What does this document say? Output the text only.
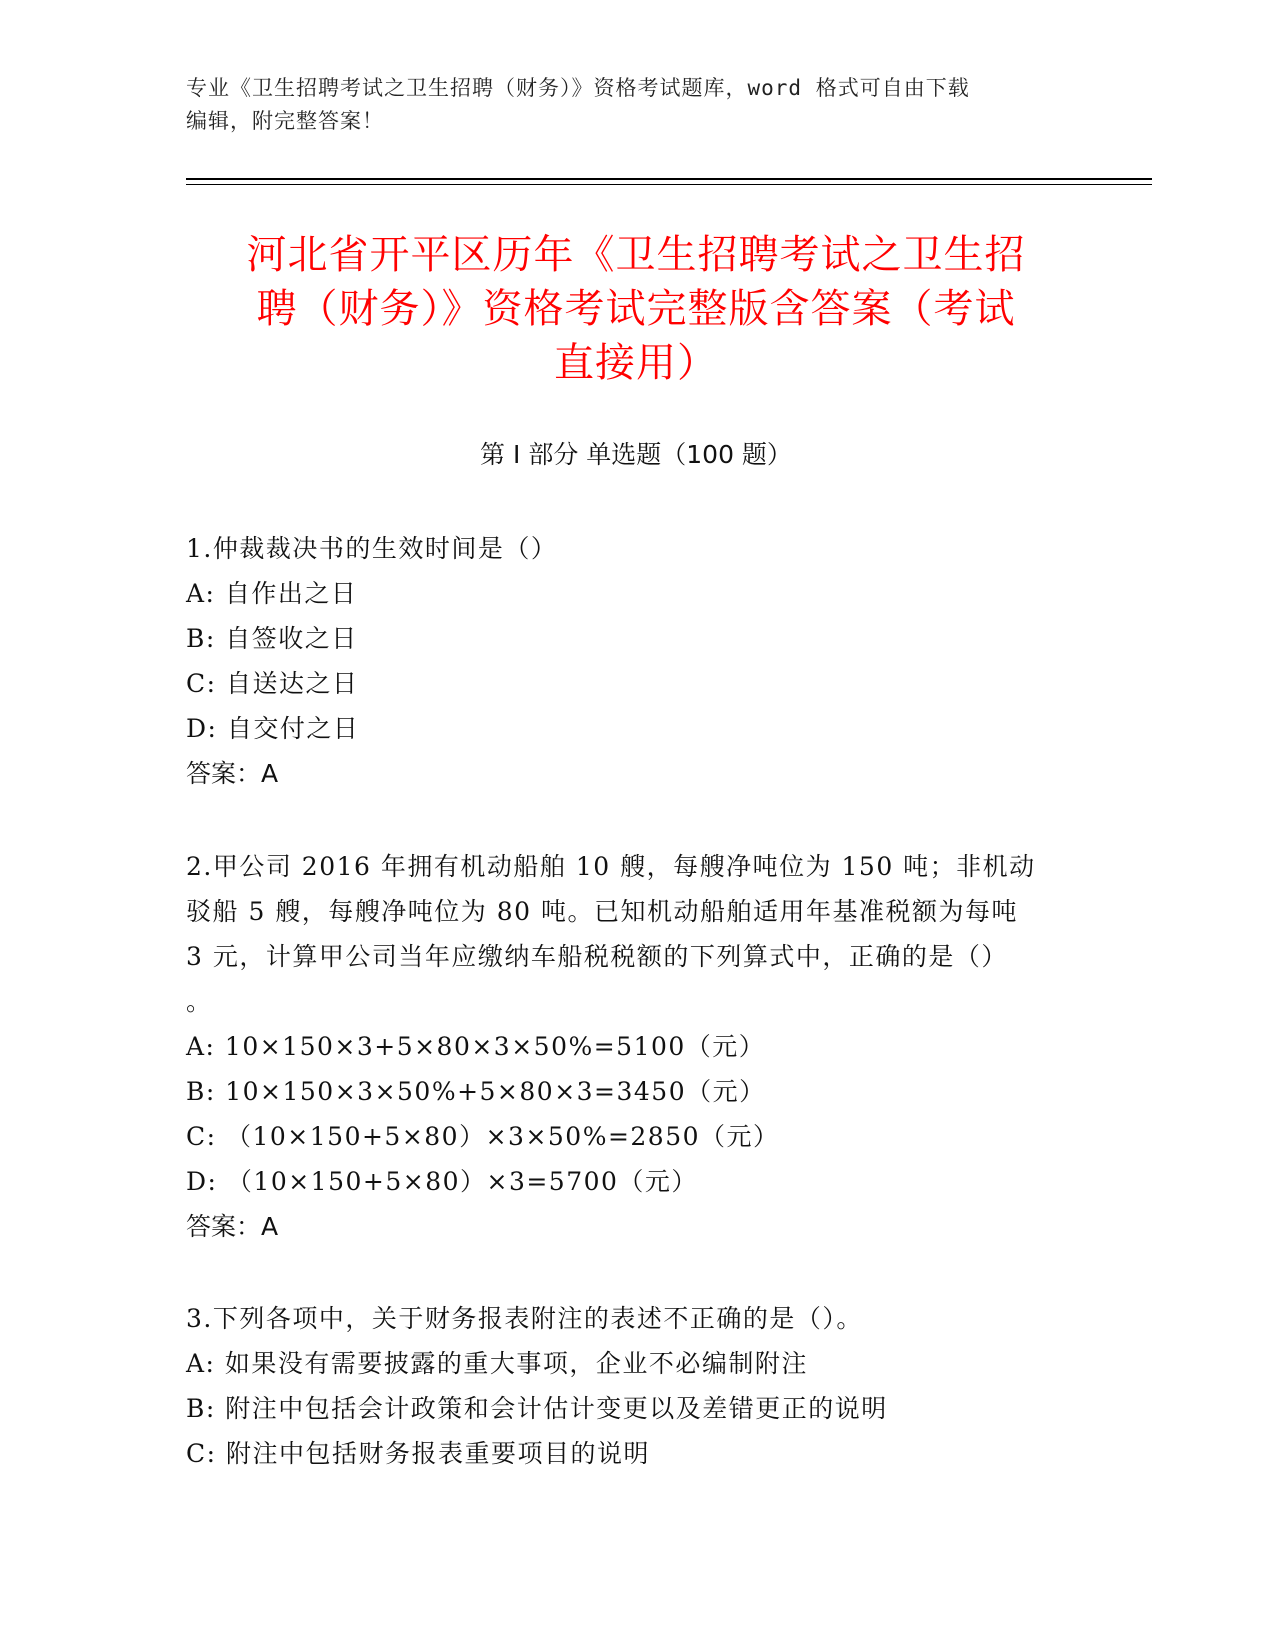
专业《卫生招聘考试之卫生招聘（财务）》资格考试题库，word 格式可自由下载
编辑，附完整答案！
河北省开平区历年《卫生招聘考试之卫生招
聘（财务）》资格考试完整版含答案（考试
直接用）
第 I 部分 单选题（100 题）
1.仲裁裁决书的生效时间是（）
A: 自作出之日
B: 自签收之日
C: 自送达之日
D: 自交付之日
答案：A
2.甲公司 2016 年拥有机动船舶 10 艘，每艘净吨位为 150 吨；非机动
驳船 5 艘，每艘净吨位为 80 吨。已知机动船舶适用年基准税额为每吨
3 元，计算甲公司当年应缴纳车船税税额的下列算式中，正确的是（）
。
A: 10×150×3+5×80×3×50%=5100（元）
B: 10×150×3×50%+5×80×3=3450（元）
C: （10×150+5×80）×3×50%=2850（元）
D: （10×150+5×80）×3=5700（元）
答案：A
3.下列各项中，关于财务报表附注的表述不正确的是（）。
A: 如果没有需要披露的重大事项，企业不必编制附注
B: 附注中包括会计政策和会计估计变更以及差错更正的说明
C: 附注中包括财务报表重要项目的说明
